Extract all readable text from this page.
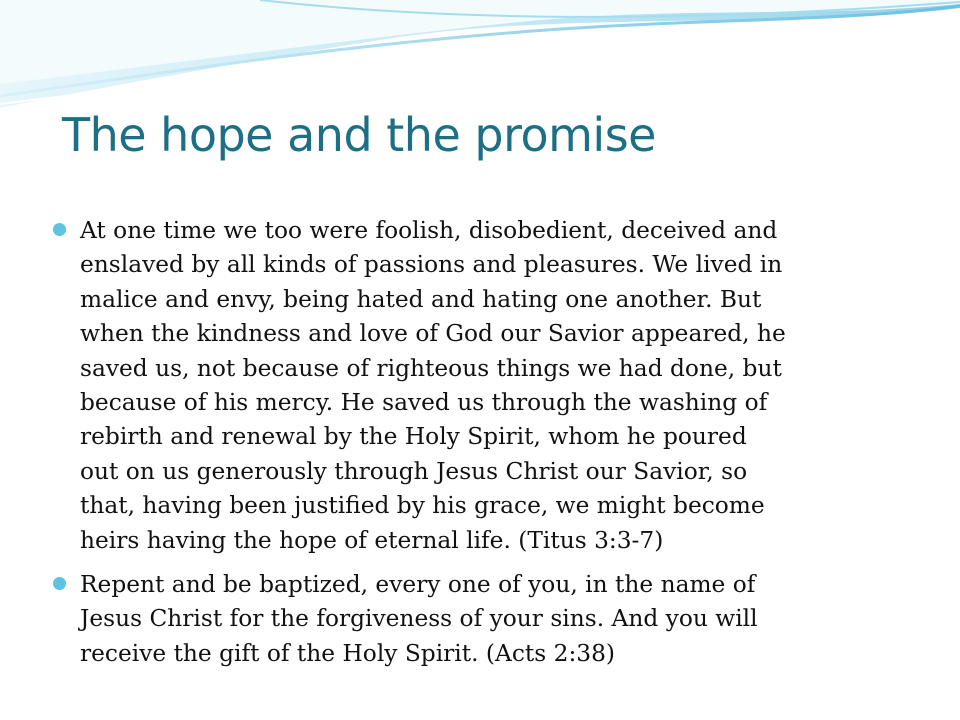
The hope and the promise
At one time we too were foolish, disobedient, deceived and
enslaved by all kinds of passions and pleasures. We lived in
malice and envy, being hated and hating one another. But
when the kindness and love of God our Savior appeared, he
saved us, not because of righteous things we had done, but
because of his mercy. He saved us through the washing of
rebirth and renewal by the Holy Spirit, whom he poured
out on us generously through Jesus Christ our Savior, so
that, having been justified by his grace, we might become
heirs having the hope of eternal life. (Titus 3:3-7)
Repent and be baptized, every one of you, in the name of
Jesus Christ for the forgiveness of your sins. And you will
receive the gift of the Holy Spirit. (Acts 2:38)
